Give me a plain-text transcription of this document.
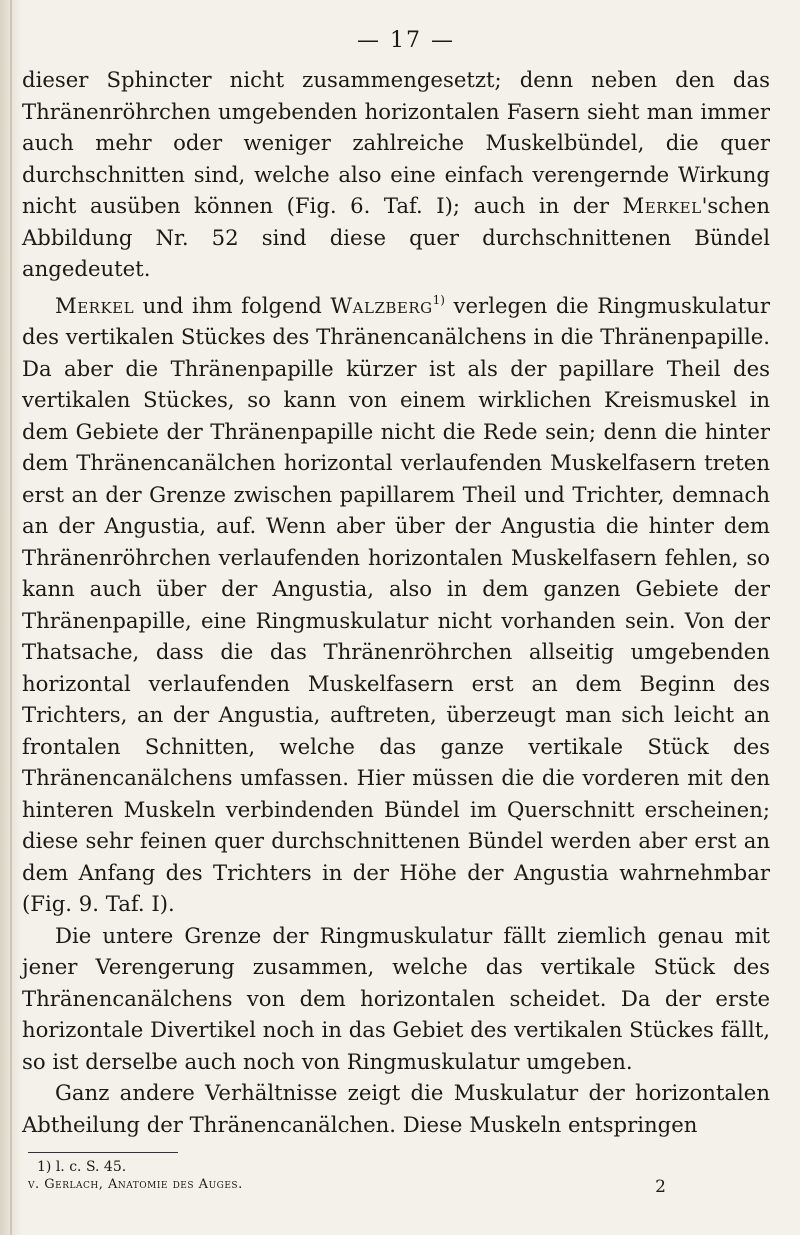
— 17 —

dieser Sphincter nicht zusammengesetzt; denn neben den das Thränenröhrchen umgebenden horizontalen Fasern sieht man immer auch mehr oder weniger zahlreiche Muskelbündel, die quer durchschnitten sind, welche also eine einfach verengernde Wirkung nicht ausüben können (Fig. 6. Taf. I); auch in der Merkel'schen Abbildung Nr. 52 sind diese quer durchschnittenen Bündel angedeutet.

Merkel und ihm folgend Walzberg$^{1)}$ verlegen die Ringmuskulatur des vertikalen Stückes des Thränencanälchens in die Thränenpapille. Da aber die Thränenpapille kürzer ist als der papillare Theil des vertikalen Stückes, so kann von einem wirklichen Kreismuskel in dem Gebiete der Thränenpapille nicht die Rede sein; denn die hinter dem Thränencanälchen horizontal verlaufenden Muskelfasern treten erst an der Grenze zwischen papillarem Theil und Trichter, demnach an der Angustia, auf. Wenn aber über der Angustia die hinter dem Thränenröhrchen verlaufenden horizontalen Muskelfasern fehlen, so kann auch über der Angustia, also in dem ganzen Gebiete der Thränenpapille, eine Ringmuskulatur nicht vorhanden sein. Von der Thatsache, dass die das Thränenröhrchen allseitig umgebenden horizontal verlaufenden Muskelfasern erst an dem Beginn des Trichters, an der Angustia, auftreten, überzeugt man sich leicht an frontalen Schnitten, welche das ganze vertikale Stück des Thränencanälchens umfassen. Hier müssen die die vorderen mit den hinteren Muskeln verbindenden Bündel im Querschnitt erscheinen; diese sehr feinen quer durchschnittenen Bündel werden aber erst an dem Anfang des Trichters in der Höhe der Angustia wahrnehmbar (Fig. 9. Taf. I).

Die untere Grenze der Ringmuskulatur fällt ziemlich genau mit jener Verengerung zusammen, welche das vertikale Stück des Thränencanälchens von dem horizontalen scheidet. Da der erste horizontale Divertikel noch in das Gebiet des vertikalen Stückes fällt, so ist derselbe auch noch von Ringmuskulatur umgeben.

Ganz andere Verhältnisse zeigt die Muskulatur der horizontalen Abtheilung der Thränencanälchen. Diese Muskeln entspringen

1) l. c. S. 45.
v. Gerlach, Anatomie des Auges.	2
